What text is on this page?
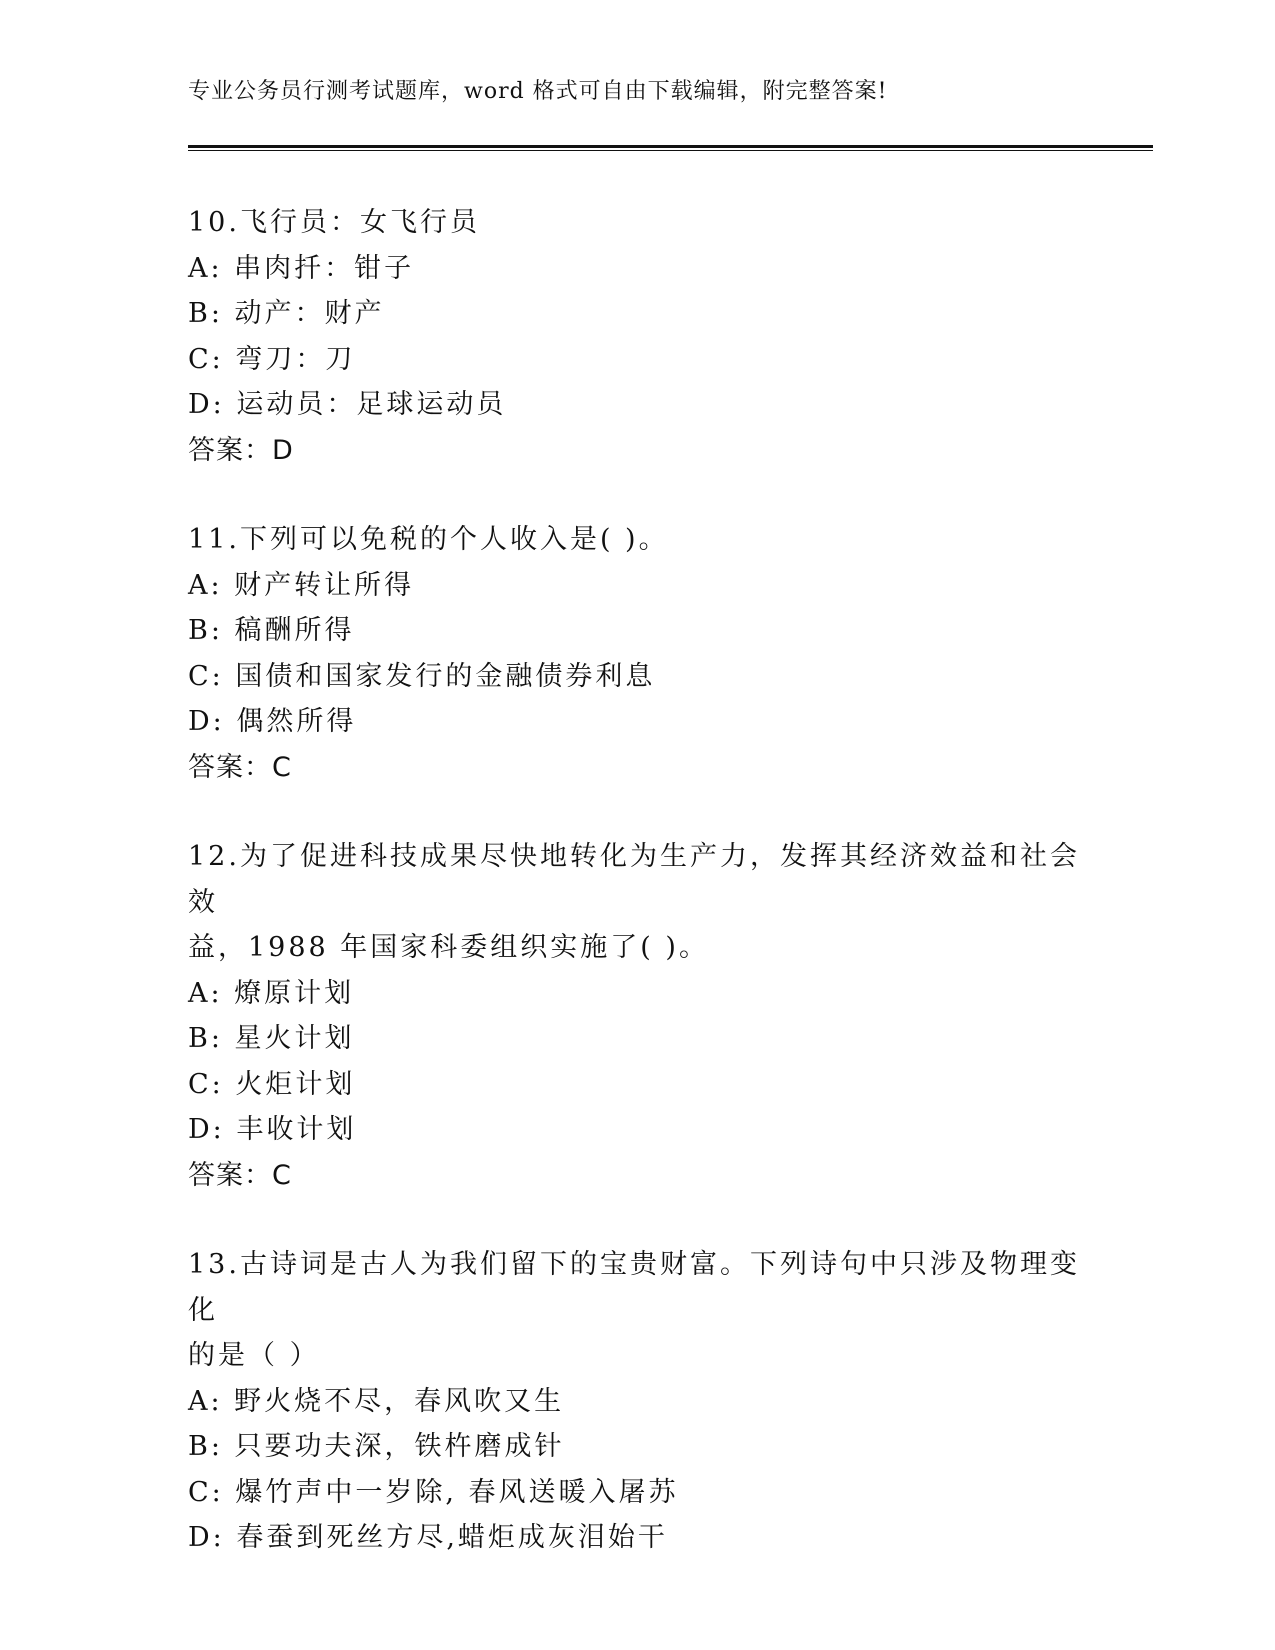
专业公务员行测考试题库，word 格式可自由下载编辑，附完整答案!
10.飞行员：女飞行员
A: 串肉扦：钳子
B: 动产：财产
C: 弯刀：刀
D: 运动员：足球运动员
答案：D
11.下列可以免税的个人收入是( )。
A: 财产转让所得
B: 稿酬所得
C: 国债和国家发行的金融债券利息
D: 偶然所得
答案：C
12.为了促进科技成果尽快地转化为生产力，发挥其经济效益和社会效
益，1988 年国家科委组织实施了( )。
A: 燎原计划
B: 星火计划
C: 火炬计划
D: 丰收计划
答案：C
13.古诗词是古人为我们留下的宝贵财富。下列诗句中只涉及物理变化
的是（ ）
A: 野火烧不尽，春风吹又生
B: 只要功夫深，铁杵磨成针
C: 爆竹声中一岁除, 春风送暖入屠苏
D: 春蚕到死丝方尽,蜡炬成灰泪始干
